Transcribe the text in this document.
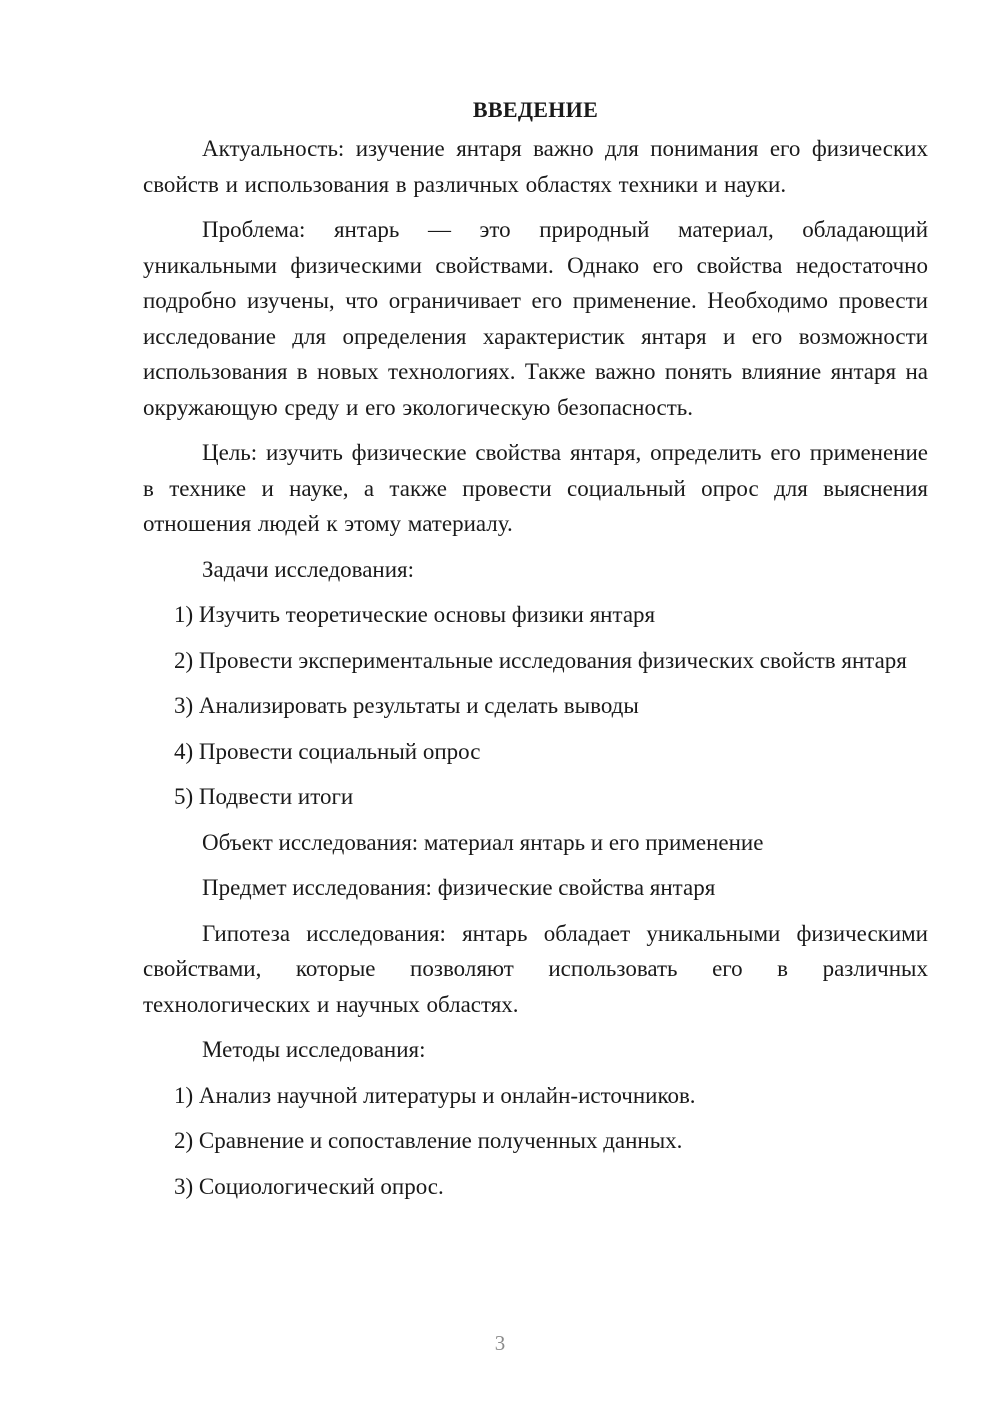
ВВЕДЕНИЕ

Актуальность: изучение янтаря важно для понимания его физических свойств и использования в различных областях техники и науки.

Проблема: янтарь — это природный материал, обладающий уникальными физическими свойствами. Однако его свойства недостаточно подробно изучены, что ограничивает его применение. Необходимо провести исследование для определения характеристик янтаря и его возможности использования в новых технологиях. Также важно понять влияние янтаря на окружающую среду и его экологическую безопасность.

Цель: изучить физические свойства янтаря, определить его применение в технике и науке, а также провести социальный опрос для выяснения отношения людей к этому материалу.

Задачи исследования:

1) Изучить теоретические основы физики янтаря

2) Провести экспериментальные исследования физических свойств янтаря

3) Анализировать результаты и сделать выводы

4) Провести социальный опрос

5) Подвести итоги

Объект исследования: материал янтарь и его применение

Предмет исследования: физические свойства янтаря

Гипотеза исследования: янтарь обладает уникальными физическими свойствами, которые позволяют использовать его в различных технологических и научных областях.

Методы исследования:

1) Анализ научной литературы и онлайн-источников.

2) Сравнение и сопоставление полученных данных.

3) Социологический опрос.

3
